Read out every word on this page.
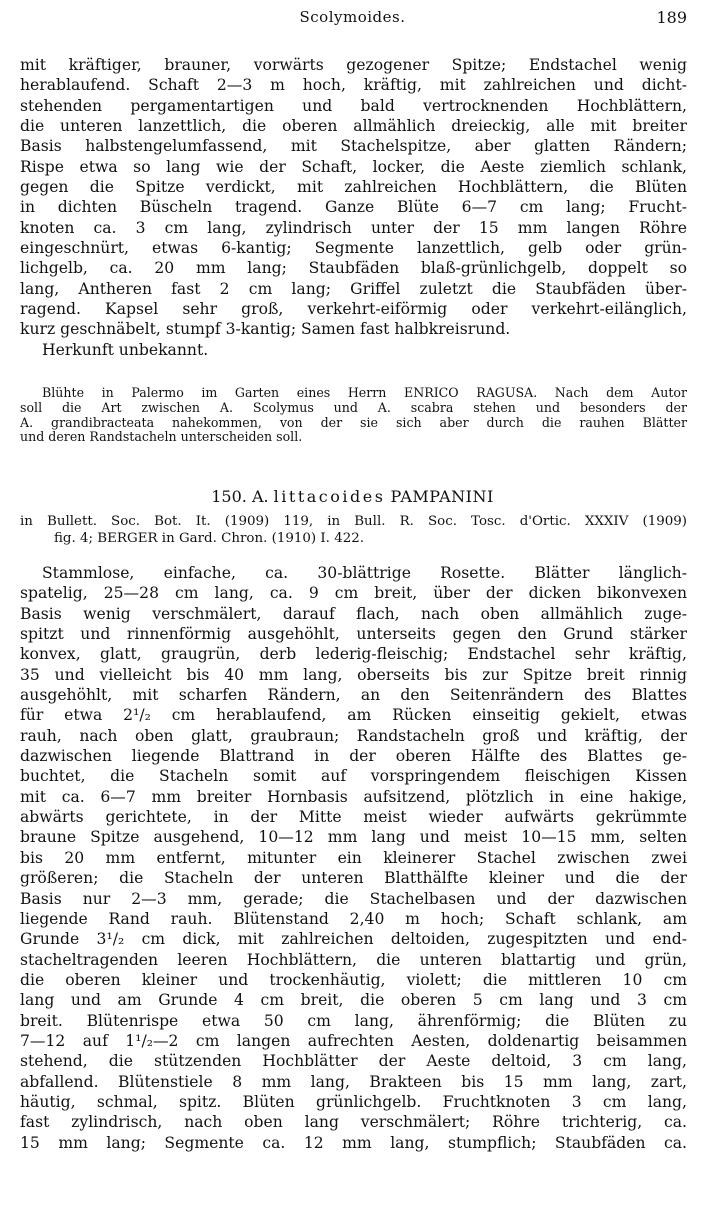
Scolymoides.	189
mit kräftiger, brauner, vorwärts gezogener Spitze; Endstachel wenig
herablaufend. Schaft 2—3 m hoch, kräftig, mit zahlreichen und dicht-
stehenden pergamentartigen und bald vertrocknenden Hochblättern,
die unteren lanzettlich, die oberen allmählich dreieckig, alle mit breiter
Basis halbstengelumfassend, mit Stachelspitze, aber glatten Rändern;
Rispe etwa so lang wie der Schaft, locker, die Aeste ziemlich schlank,
gegen die Spitze verdickt, mit zahlreichen Hochblättern, die Blüten
in dichten Büscheln tragend. Ganze Blüte 6—7 cm lang; Frucht-
knoten ca. 3 cm lang, zylindrisch unter der 15 mm langen Röhre
eingeschnürt, etwas 6-kantig; Segmente lanzettlich, gelb oder grün-
lichgelb, ca. 20 mm lang; Staubfäden blaß-grünlichgelb, doppelt so
lang, Antheren fast 2 cm lang; Griffel zuletzt die Staubfäden über-
ragend. Kapsel sehr groß, verkehrt-eiförmig oder verkehrt-eilänglich,
kurz geschnäbelt, stumpf 3-kantig; Samen fast halbkreisrund.
Herkunft unbekannt.
Blühte in Palermo im Garten eines Herrn ENRICO RAGUSA. Nach dem Autor
soll die Art zwischen A. Scolymus und A. scabra stehen und besonders der
A. grandibracteata nahekommen, von der sie sich aber durch die rauhen Blätter
und deren Randstacheln unterscheiden soll.
150. A. littacoides PAMPANINI
in Bullett. Soc. Bot. It. (1909) 119, in Bull. R. Soc. Tosc. d'Ortic. XXXIV (1909)
fig. 4; BERGER in Gard. Chron. (1910) I. 422.
Stammlose, einfache, ca. 30-blättrige Rosette. Blätter länglich-
spatelig, 25—28 cm lang, ca. 9 cm breit, über der dicken bikonvexen
Basis wenig verschmälert, darauf flach, nach oben allmählich zuge-
spitzt und rinnenförmig ausgehöhlt, unterseits gegen den Grund stärker
konvex, glatt, graugrün, derb lederig-fleischig; Endstachel sehr kräftig,
35 und vielleicht bis 40 mm lang, oberseits bis zur Spitze breit rinnig
ausgehöhlt, mit scharfen Rändern, an den Seitenrändern des Blattes
für etwa 2¹/₂ cm herablaufend, am Rücken einseitig gekielt, etwas
rauh, nach oben glatt, graubraun; Randstacheln groß und kräftig, der
dazwischen liegende Blattrand in der oberen Hälfte des Blattes ge-
buchtet, die Stacheln somit auf vorspringendem fleischigen Kissen
mit ca. 6—7 mm breiter Hornbasis aufsitzend, plötzlich in eine hakige,
abwärts gerichtete, in der Mitte meist wieder aufwärts gekrümmte
braune Spitze ausgehend, 10—12 mm lang und meist 10—15 mm, selten
bis 20 mm entfernt, mitunter ein kleinerer Stachel zwischen zwei
größeren; die Stacheln der unteren Blatthälfte kleiner und die der
Basis nur 2—3 mm, gerade; die Stachelbasen und der dazwischen
liegende Rand rauh. Blütenstand 2,40 m hoch; Schaft schlank, am
Grunde 3¹/₂ cm dick, mit zahlreichen deltoiden, zugespitzten und end-
stacheltragenden leeren Hochblättern, die unteren blattartig und grün,
die oberen kleiner und trockenhäutig, violett; die mittleren 10 cm
lang und am Grunde 4 cm breit, die oberen 5 cm lang und 3 cm
breit. Blütenrispe etwa 50 cm lang, ährenförmig; die Blüten zu
7—12 auf 1¹/₂—2 cm langen aufrechten Aesten, doldenartig beisammen
stehend, die stützenden Hochblätter der Aeste deltoid, 3 cm lang,
abfallend. Blütenstiele 8 mm lang, Brakteen bis 15 mm lang, zart,
häutig, schmal, spitz. Blüten grünlichgelb. Fruchtknoten 3 cm lang,
fast zylindrisch, nach oben lang verschmälert; Röhre trichterig, ca.
15 mm lang; Segmente ca. 12 mm lang, stumpflich; Staubfäden ca.
